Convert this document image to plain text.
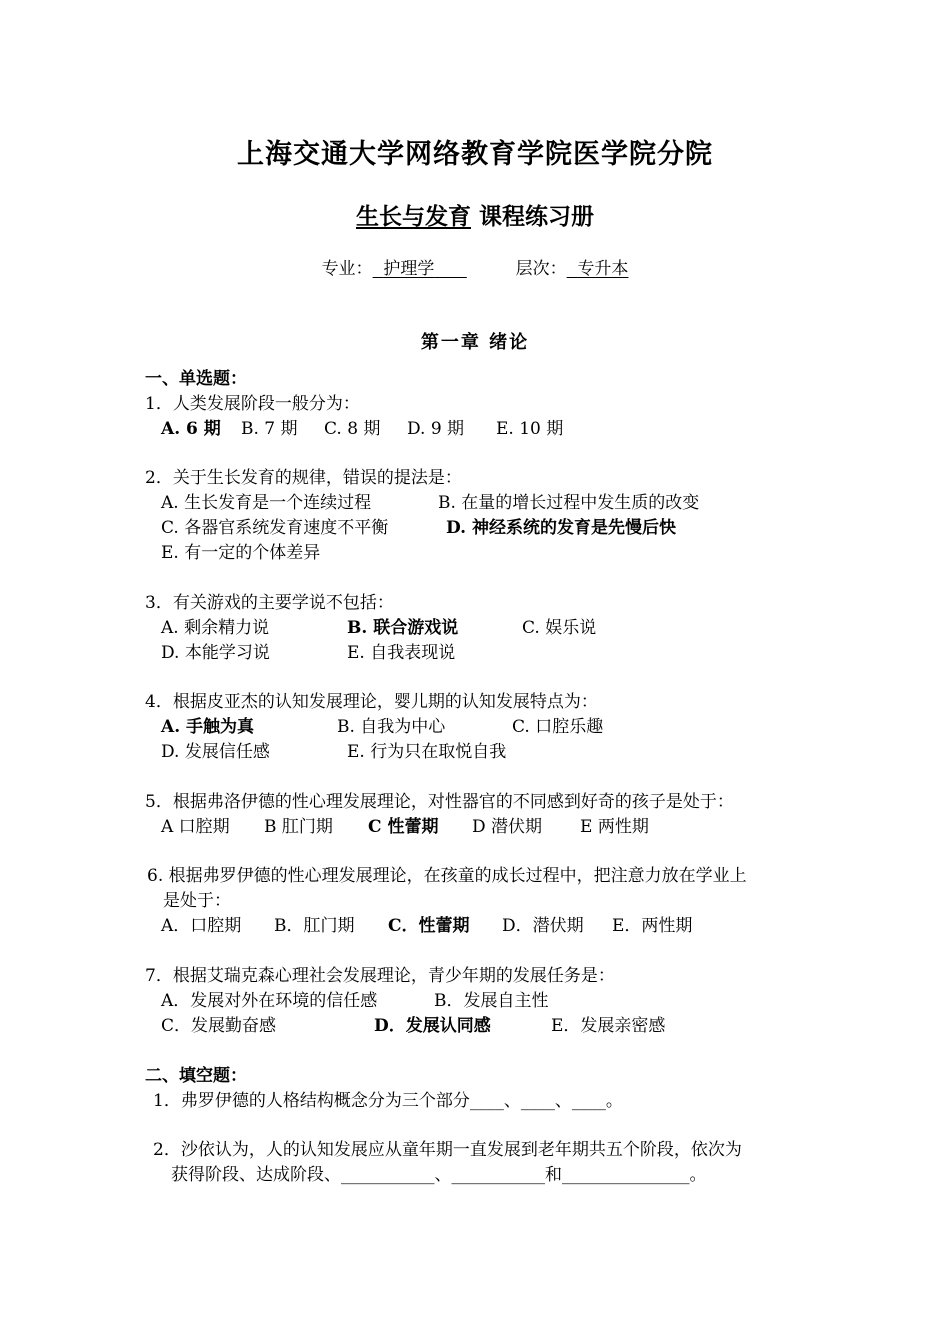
上海交通大学网络教育学院医学院分院
生长与发育 课程练习册
专业： 护理学	层次： 专升本
第一章 绪论
一、单选题：
1．人类发展阶段一般分为：
A. 6 期 B. 7 期 C. 8 期 D. 9 期 E. 10 期
2．关于生长发育的规律，错误的提法是：
A. 生长发育是一个连续过程	B. 在量的增长过程中发生质的改变
C. 各器官系统发育速度不平衡	D. 神经系统的发育是先慢后快
E. 有一定的个体差异
3．有关游戏的主要学说不包括：
A. 剩余精力说	B. 联合游戏说	C. 娱乐说
D. 本能学习说	E. 自我表现说
4．根据皮亚杰的认知发展理论，婴儿期的认知发展特点为：
A. 手触为真	B. 自我为中心	C. 口腔乐趣
D. 发展信任感	E. 行为只在取悦自我
5．根据弗洛伊德的性心理发展理论，对性器官的不同感到好奇的孩子是处于：
A 口腔期 B 肛门期 C 性蕾期 D 潜伏期 E 两性期
6. 根据弗罗伊德的性心理发展理论，在孩童的成长过程中，把注意力放在学业上
是处于：
A．口腔期 B．肛门期 C．性蕾期 D．潜伏期 E．两性期
7．根据艾瑞克森心理社会发展理论，青少年期的发展任务是：
A．发展对外在环境的信任感	B．发展自主性
C．发展勤奋感	D．发展认同感	E．发展亲密感
二、填空题：
1．弗罗伊德的人格结构概念分为三个部分____、____、____。
2．沙依认为，人的认知发展应从童年期一直发展到老年期共五个阶段，依次为
获得阶段、达成阶段、___________、___________和_______________。
